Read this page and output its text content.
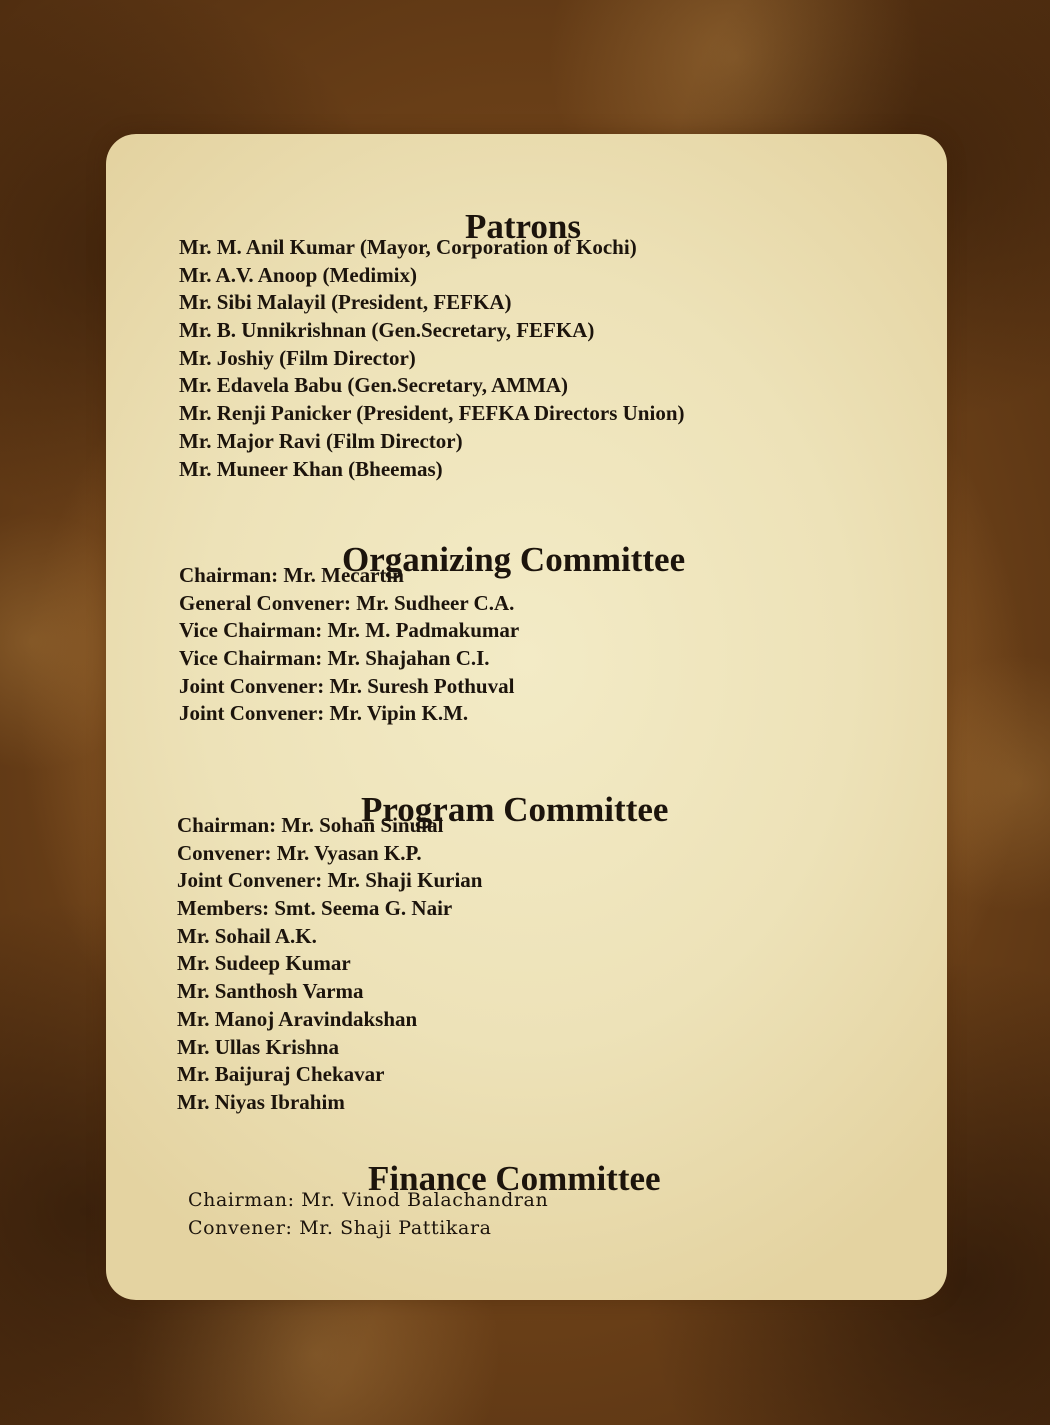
Patrons
Mr. M. Anil Kumar (Mayor, Corporation of Kochi)
Mr. A.V. Anoop (Medimix)
Mr. Sibi Malayil (President, FEFKA)
Mr. B. Unnikrishnan (Gen.Secretary, FEFKA)
Mr. Joshiy (Film Director)
Mr. Edavela Babu (Gen.Secretary, AMMA)
Mr. Renji Panicker (President, FEFKA Directors Union)
Mr. Major Ravi (Film Director)
Mr. Muneer Khan (Bheemas)
Organizing Committee
Chairman: Mr. Mecartin
General Convener: Mr. Sudheer C.A.
Vice Chairman: Mr. M. Padmakumar
Vice Chairman: Mr. Shajahan C.I.
Joint Convener: Mr. Suresh Pothuval
Joint Convener: Mr. Vipin K.M.
Program Committee
Chairman: Mr. Sohan Sinulal
Convener: Mr. Vyasan K.P.
Joint Convener: Mr. Shaji Kurian
Members: Smt. Seema G. Nair
Mr. Sohail A.K.
Mr. Sudeep Kumar
Mr. Santhosh Varma
Mr. Manoj Aravindakshan
Mr. Ullas Krishna
Mr. Baijuraj Chekavar
Mr. Niyas Ibrahim
Finance Committee
Chairman: Mr. Vinod Balachandran
Convener: Mr. Shaji Pattikara
